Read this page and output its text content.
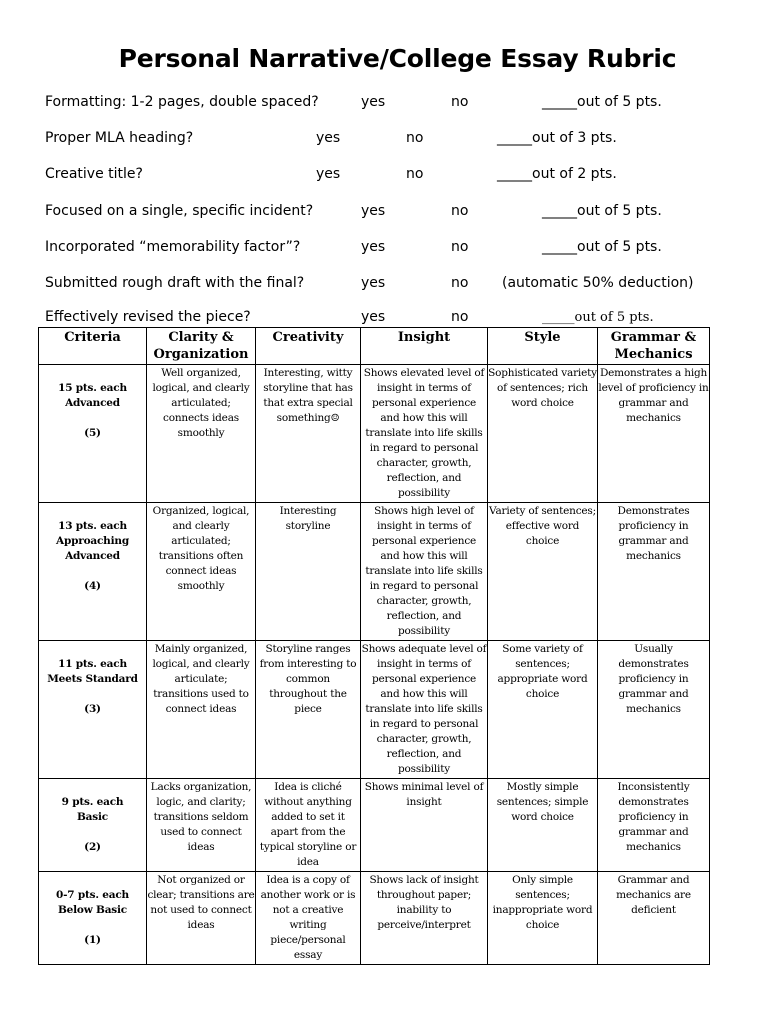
Personal Narrative/College Essay Rubric
Formatting: 1-2 pages, double spaced?	yes	no	_____out of 5 pts.
Proper MLA heading?	yes	no	_____out of 3 pts.
Creative title?	yes	no	_____out of 2 pts.
Focused on a single, specific incident?	yes	no	_____out of 5 pts.
Incorporated “memorability factor”?	yes	no	_____out of 5 pts.
Submitted rough draft with the final?	yes	no (automatic 50% deduction)
Effectively revised the piece?	yes	no	_____out of 5 pts.
Criteria	Clarity & Organization	Creativity	Insight	Style	Grammar & Mechanics

15 pts. each
Advanced
(5)	Well organized, logical, and clearly articulated; connects ideas smoothly	Interesting, witty storyline that has that extra special something☺	Shows elevated level of insight in terms of personal experience and how this will translate into life skills in regard to personal character, growth, reflection, and possibility	Sophisticated variety of sentences; rich word choice	Demonstrates a high level of proficiency in grammar and mechanics

13 pts. each
Approaching Advanced
(4)	Organized, logical, and clearly articulated; transitions often connect ideas smoothly	Interesting storyline	Shows high level of insight in terms of personal experience and how this will translate into life skills in regard to personal character, growth, reflection, and possibility	Variety of sentences; effective word choice	Demonstrates proficiency in grammar and mechanics

11 pts. each
Meets Standard
(3)	Mainly organized, logical, and clearly articulate; transitions used to connect ideas	Storyline ranges from interesting to common throughout the piece	Shows adequate level of insight in terms of personal experience and how this will translate into life skills in regard to personal character, growth, reflection, and possibility	Some variety of sentences; appropriate word choice	Usually demonstrates proficiency in grammar and mechanics

9 pts. each
Basic
(2)	Lacks organization, logic, and clarity; transitions seldom used to connect ideas	Idea is cliché without anything added to set it apart from the typical storyline or idea	Shows minimal level of insight	Mostly simple sentences; simple word choice	Inconsistently demonstrates proficiency in grammar and mechanics

0-7 pts. each
Below Basic
(1)	Not organized or clear; transitions are not used to connect ideas	Idea is a copy of another work or is not a creative writing piece/personal essay	Shows lack of insight throughout paper; inability to perceive/interpret	Only simple sentences; inappropriate word choice	Grammar and mechanics are deficient
